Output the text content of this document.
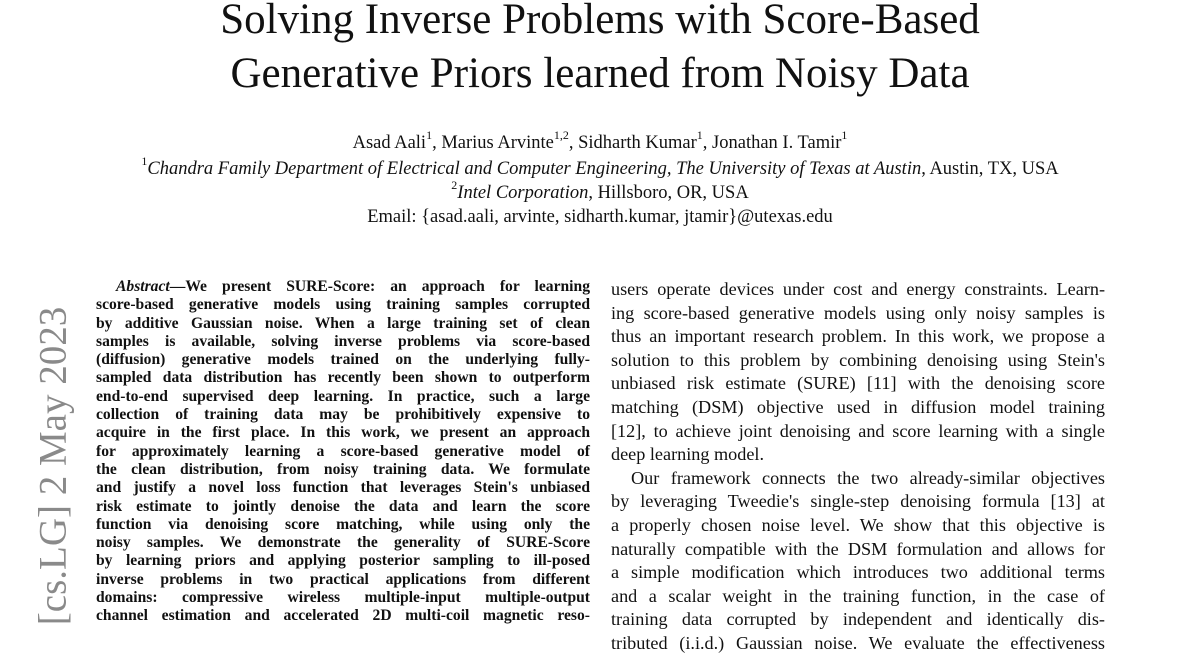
Solving Inverse Problems with Score-Based
Generative Priors learned from Noisy Data
Asad Aali$^1$, Marius Arvinte$^{1,2}$, Sidharth Kumar$^1$, Jonathan I. Tamir$^1$
$^1$Chandra Family Department of Electrical and Computer Engineering, The University of Texas at Austin, Austin, TX, USA
$^2$Intel Corporation, Hillsboro, OR, USA
Email: {asad.aali, arvinte, sidharth.kumar, jtamir}@utexas.edu
[cs.LG] 2 May 2023
Abstract—We present SURE-Score: an approach for learning
score-based generative models using training samples corrupted
by additive Gaussian noise. When a large training set of clean
samples is available, solving inverse problems via score-based
(diffusion) generative models trained on the underlying fully-
sampled data distribution has recently been shown to outperform
end-to-end supervised deep learning. In practice, such a large
collection of training data may be prohibitively expensive to
acquire in the first place. In this work, we present an approach
for approximately learning a score-based generative model of
the clean distribution, from noisy training data. We formulate
and justify a novel loss function that leverages Stein's unbiased
risk estimate to jointly denoise the data and learn the score
function via denoising score matching, while using only the
noisy samples. We demonstrate the generality of SURE-Score
by learning priors and applying posterior sampling to ill-posed
inverse problems in two practical applications from different
domains: compressive wireless multiple-input multiple-output
channel estimation and accelerated 2D multi-coil magnetic reso-
users operate devices under cost and energy constraints. Learn-
ing score-based generative models using only noisy samples is
thus an important research problem. In this work, we propose a
solution to this problem by combining denoising using Stein's
unbiased risk estimate (SURE) [11] with the denoising score
matching (DSM) objective used in diffusion model training
[12], to achieve joint denoising and score learning with a single
deep learning model.
Our framework connects the two already-similar objectives
by leveraging Tweedie's single-step denoising formula [13] at
a properly chosen noise level. We show that this objective is
naturally compatible with the DSM formulation and allows for
a simple modification which introduces two additional terms
and a scalar weight in the training function, in the case of
training data corrupted by independent and identically dis-
tributed (i.i.d.) Gaussian noise. We evaluate the effectiveness
